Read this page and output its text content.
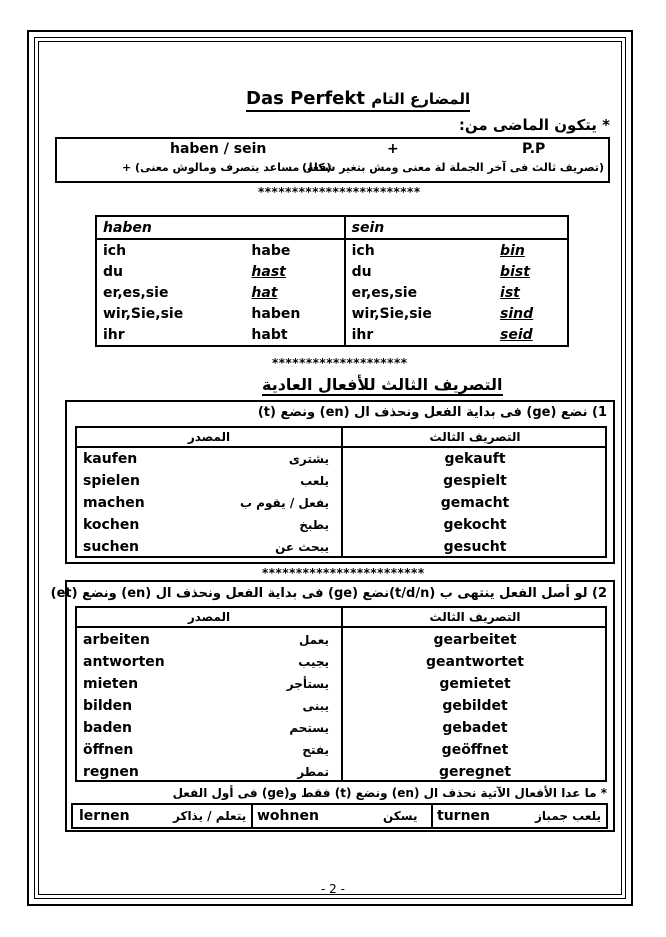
Das Perfekt المضارع التام
* يتكون الماضى من:
haben / sein	+	P.P
(فعل مساعد يتصرف ومالوش معنى) +
(تصريف ثالث فى آخر الجملة لة معنى ومش بتغير شكلة)
************************
haben		sein	
ich	habe	ich	bin
du	hast	du	bist
er,es,sie	hat	er,es,sie	ist
wir,Sie,sie	haben	wir,Sie,sie	sind
ihr	habt	ihr	seid
********************
التصريف الثالث للأفعال العادية
1) نضع (ge) فى بداية الفعل ونحذف ال (en) ونضع (t)
المصدر	التصريف الثالث
kaufen	يشترى	gekauft
spielen	يلعب	gespielt
machen	يفعل / يقوم ب	gemacht
kochen	يطبخ	gekocht
suchen	يبحث عن	gesucht
************************
2) لو أصل الفعل ينتهى ب (t/d/n)نضع (ge) فى بداية الفعل ونحذف ال (en) ونضع (et)
المصدر	التصريف الثالث
arbeiten	يعمل	gearbeitet
antworten	يجيب	geantwortet
mieten	يستأجر	gemietet
bilden	يبنى	gebildet
baden	يستحم	gebadet
öffnen	يفتح	geöffnet
regnen	تمطر	geregnet
* ما عدا الأفعال الآتية نحذف ال (en) ونضع (t) فقط و(ge) فى أول الفعل
lernen	يتعلم / يذاكر wohnen	يسكن turnen	يلعب جمباز
- 2 -
